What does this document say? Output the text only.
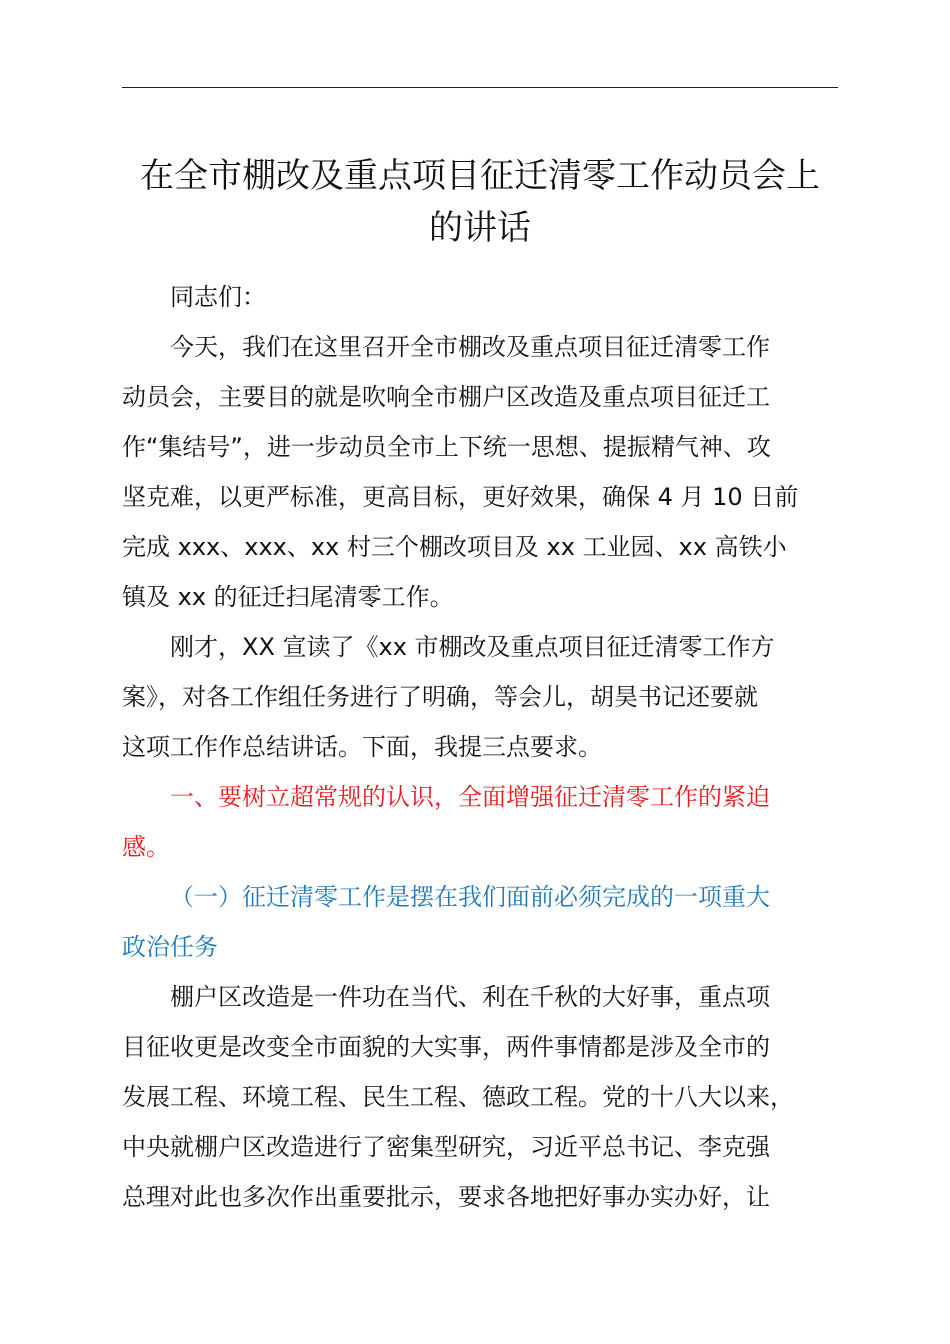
在全市棚改及重点项目征迁清零工作动员会上
的讲话

同志们：

今天，我们在这里召开全市棚改及重点项目征迁清零工作
动员会，主要目的就是吹响全市棚户区改造及重点项目征迁工
作“集结号”，进一步动员全市上下统一思想、提振精气神、攻
坚克难，以更严标准，更高目标，更好效果，确保 4 月 10 日前
完成 xxx、xxx、xx 村三个棚改项目及 xx 工业园、xx 高铁小
镇及 xx 的征迁扫尾清零工作。

刚才，XX 宣读了《xx 市棚改及重点项目征迁清零工作方
案》，对各工作组任务进行了明确，等会儿，胡昊书记还要就
这项工作作总结讲话。下面，我提三点要求。

一、要树立超常规的认识，全面增强征迁清零工作的紧迫
感。

（一）征迁清零工作是摆在我们面前必须完成的一项重大
政治任务

棚户区改造是一件功在当代、利在千秋的大好事，重点项
目征收更是改变全市面貌的大实事，两件事情都是涉及全市的
发展工程、环境工程、民生工程、德政工程。党的十八大以来，
中央就棚户区改造进行了密集型研究，习近平总书记、李克强
总理对此也多次作出重要批示，要求各地把好事办实办好，让
